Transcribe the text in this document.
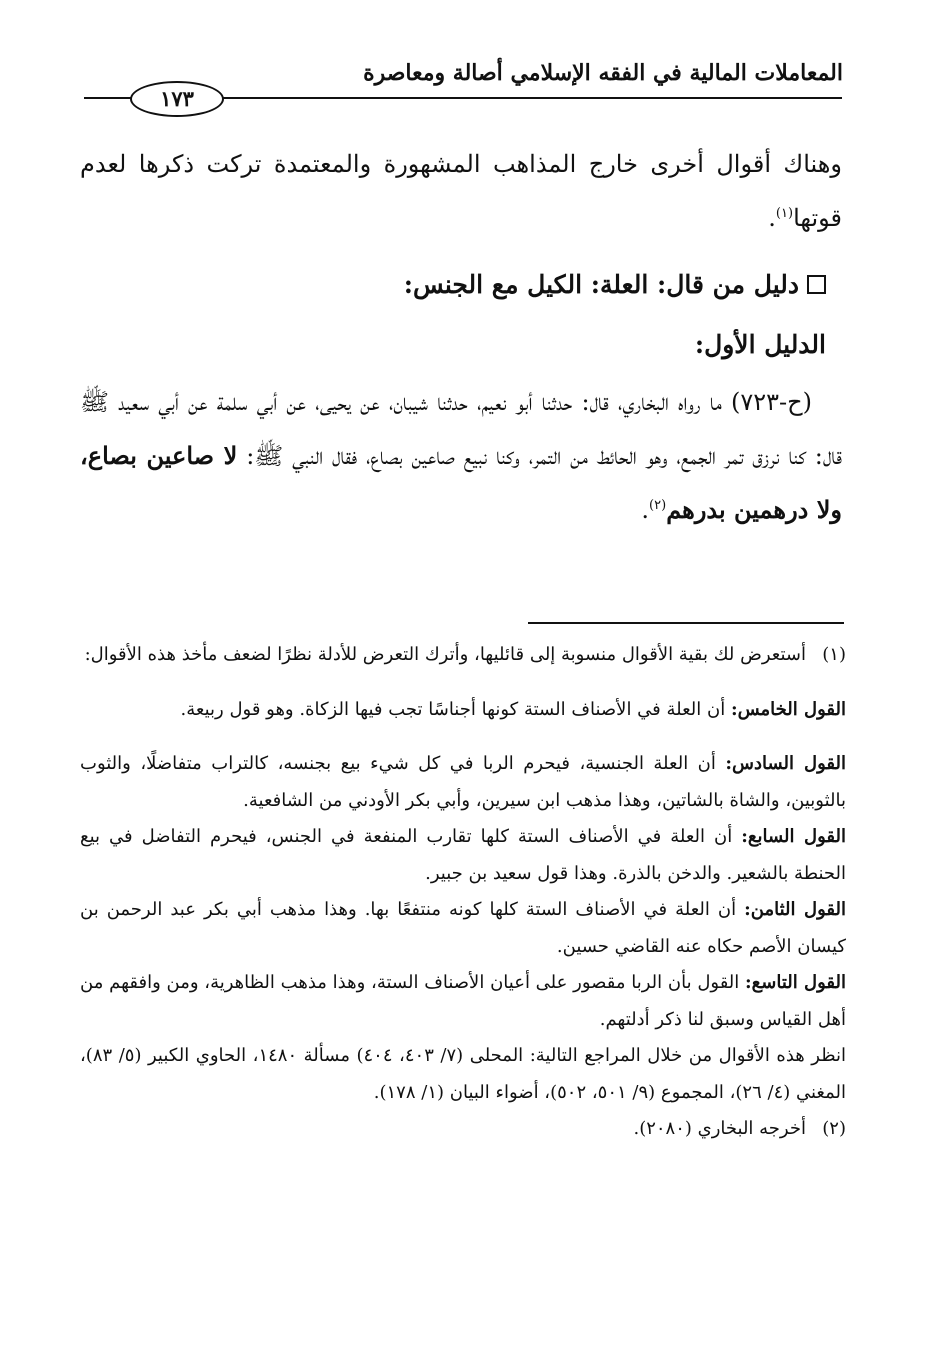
المعاملات المالية في الفقه الإسلامي أصالة ومعاصرة
١٧٣

وهناك أقوال أخرى خارج المذاهب المشهورة والمعتمدة تركت ذكرها لعدم قوتها$^{(١)}$.

دليل من قال: العلة: الكيل مع الجنس:

الدليل الأول:

(ح-٧٢٣) ما رواه البخاري، قال: حدثنا أبو نعيم، حدثنا شيبان، عن يحيى، عن أبي سلمة عن أبي سعيد ﷺ قال: كنا نرزق تمر الجمع، وهو الحائط من التمر، وكنا نبيع صاعين بصاع، فقال النبي ﷺ: لا صاعين بصاع، ولا درهمين بدرهم$^{(٢)}$.

(١)

أستعرض لك بقية الأقوال منسوبة إلى قائليها، وأترك التعرض للأدلة نظرًا لضعف مأخذ هذه الأقوال:

القول الخامس: أن العلة في الأصناف الستة كونها أجناسًا تجب فيها الزكاة. وهو قول ربيعة.

القول السادس: أن العلة الجنسية، فيحرم الربا في كل شيء بيع بجنسه، كالتراب متفاضلًا، والثوب بالثوبين، والشاة بالشاتين، وهذا مذهب ابن سيرين، وأبي بكر الأودني من الشافعية.

القول السابع: أن العلة في الأصناف الستة كلها تقارب المنفعة في الجنس، فيحرم التفاضل في بيع الحنطة بالشعير. والدخن بالذرة. وهذا قول سعيد بن جبير.

القول الثامن: أن العلة في الأصناف الستة كلها كونه منتفعًا بها. وهذا مذهب أبي بكر عبد الرحمن بن كيسان الأصم حكاه عنه القاضي حسين.

القول التاسع: القول بأن الربا مقصور على أعيان الأصناف الستة، وهذا مذهب الظاهرية، ومن وافقهم من أهل القياس وسبق لنا ذكر أدلتهم.

انظر هذه الأقوال من خلال المراجع التالية: المحلى (٧/ ٤٠٣، ٤٠٤) مسألة ١٤٨٠، الحاوي الكبير (٥/ ٨٣)، المغني (٤/ ٢٦)، المجموع (٩/ ٥٠١، ٥٠٢)، أضواء البيان (١/ ١٧٨).

(٢)

أخرجه البخاري (٢٠٨٠).
